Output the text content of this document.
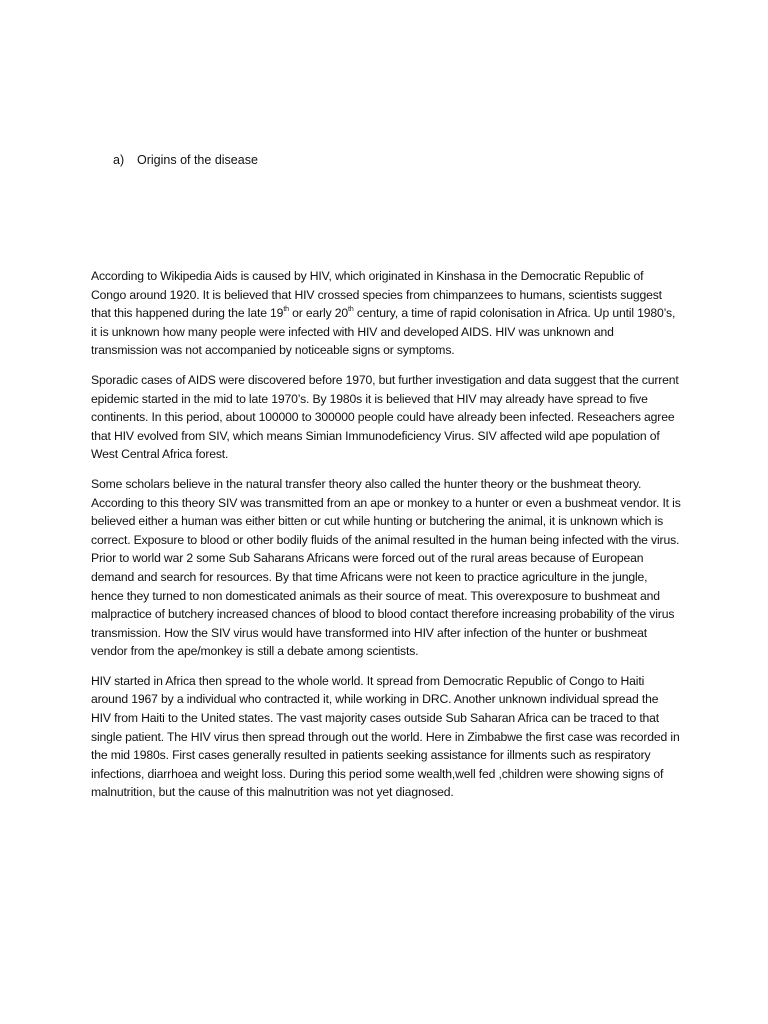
a) Origins of the disease

According to Wikipedia Aids is caused by HIV, which originated in Kinshasa in the Democratic Republic of Congo around 1920. It is believed that HIV crossed species from chimpanzees to humans, scientists suggest that this happened during the late 19th or early 20th century, a time of rapid colonisation in Africa. Up until 1980’s, it is unknown how many people were infected with HIV and developed AIDS. HIV was unknown and transmission was not accompanied by noticeable signs or symptoms.

Sporadic cases of AIDS were discovered before 1970, but further investigation and data suggest that the current epidemic started in the mid to late 1970’s. By 1980s it is believed that HIV may already have spread to five continents. In this period, about 100000 to 300000 people could have already been infected. Reseachers agree that HIV evolved from SIV, which means Simian Immunodeficiency Virus. SIV affected wild ape population of West Central Africa forest.

Some scholars believe in the natural transfer theory also called the hunter theory or the bushmeat theory. According to this theory SIV was transmitted from an ape or monkey to a hunter or even a bushmeat vendor. It is believed either a human was either bitten or cut while hunting or butchering the animal, it is unknown which is correct. Exposure to blood or other bodily fluids of the animal resulted in the human being infected with the virus. Prior to world war 2 some Sub Saharans Africans were forced out of the rural areas because of European demand and search for resources. By that time Africans were not keen to practice agriculture in the jungle, hence they turned to non domesticated animals as their source of meat. This overexposure to bushmeat and malpractice of butchery increased chances of blood to blood contact therefore increasing probability of the virus transmission. How the SIV virus would have transformed into HIV after infection of the hunter or bushmeat vendor from the ape/monkey is still a debate among scientists.

HIV started in Africa then spread to the whole world. It spread from Democratic Republic of Congo to Haiti around 1967 by a individual who contracted it, while working in DRC. Another unknown individual spread the HIV from Haiti to the United states. The vast majority cases outside Sub Saharan Africa can be traced to that single patient. The HIV virus then spread through out the world. Here in Zimbabwe the first case was recorded in the mid 1980s. First cases generally resulted in patients seeking assistance for illments such as respiratory infections, diarrhoea and weight loss. During this period some wealth,well fed ,children were showing signs of malnutrition, but the cause of this malnutrition was not yet diagnosed.
